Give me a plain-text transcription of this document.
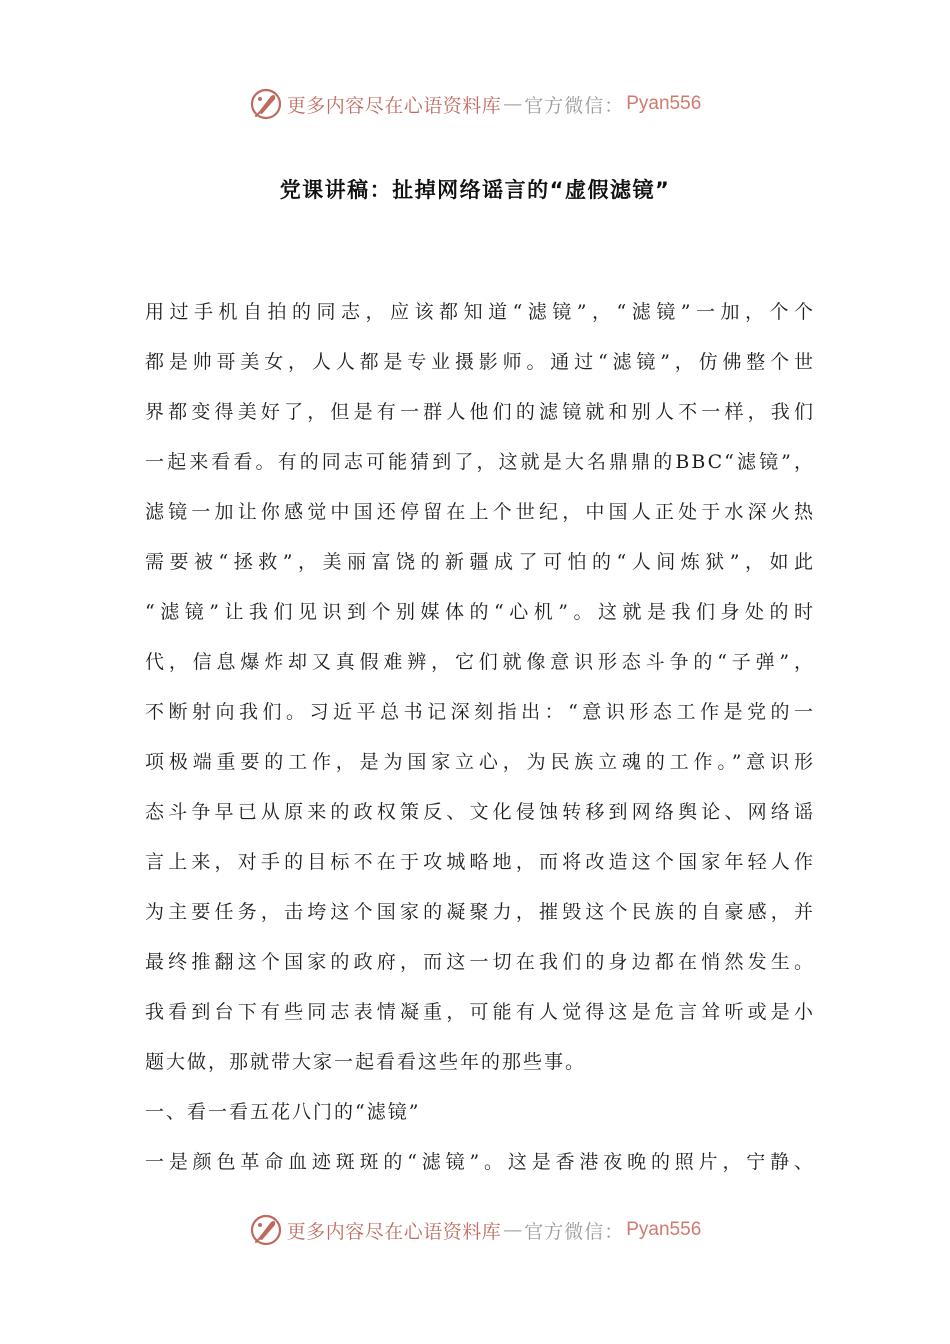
更多内容尽在心语资料库 — 官方微信： Pyan556
党课讲稿：扯掉网络谣言的“虚假滤镜”
用过手机自拍的同志，应该都知道“滤镜”，“滤镜”一加，个个
都是帅哥美女，人人都是专业摄影师。通过“滤镜”，仿佛整个世
界都变得美好了，但是有一群人他们的滤镜就和别人不一样，我们
一起来看看。有的同志可能猜到了，这就是大名鼎鼎的BBC“滤镜”，
滤镜一加让你感觉中国还停留在上个世纪，中国人正处于水深火热
需要被“拯救”，美丽富饶的新疆成了可怕的“人间炼狱”，如此
“滤镜”让我们见识到个别媒体的“心机”。这就是我们身处的时
代，信息爆炸却又真假难辨，它们就像意识形态斗争的“子弹”，
不断射向我们。习近平总书记深刻指出：“意识形态工作是党的一
项极端重要的工作，是为国家立心，为民族立魂的工作。”意识形
态斗争早已从原来的政权策反、文化侵蚀转移到网络舆论、网络谣
言上来，对手的目标不在于攻城略地，而将改造这个国家年轻人作
为主要任务，击垮这个国家的凝聚力，摧毁这个民族的自豪感，并
最终推翻这个国家的政府，而这一切在我们的身边都在悄然发生。
我看到台下有些同志表情凝重，可能有人觉得这是危言耸听或是小
题大做，那就带大家一起看看这些年的那些事。
一、看一看五花八门的“滤镜”
一是颜色革命血迹斑斑的“滤镜”。这是香港夜晚的照片，宁静、
更多内容尽在心语资料库 — 官方微信： Pyan556
